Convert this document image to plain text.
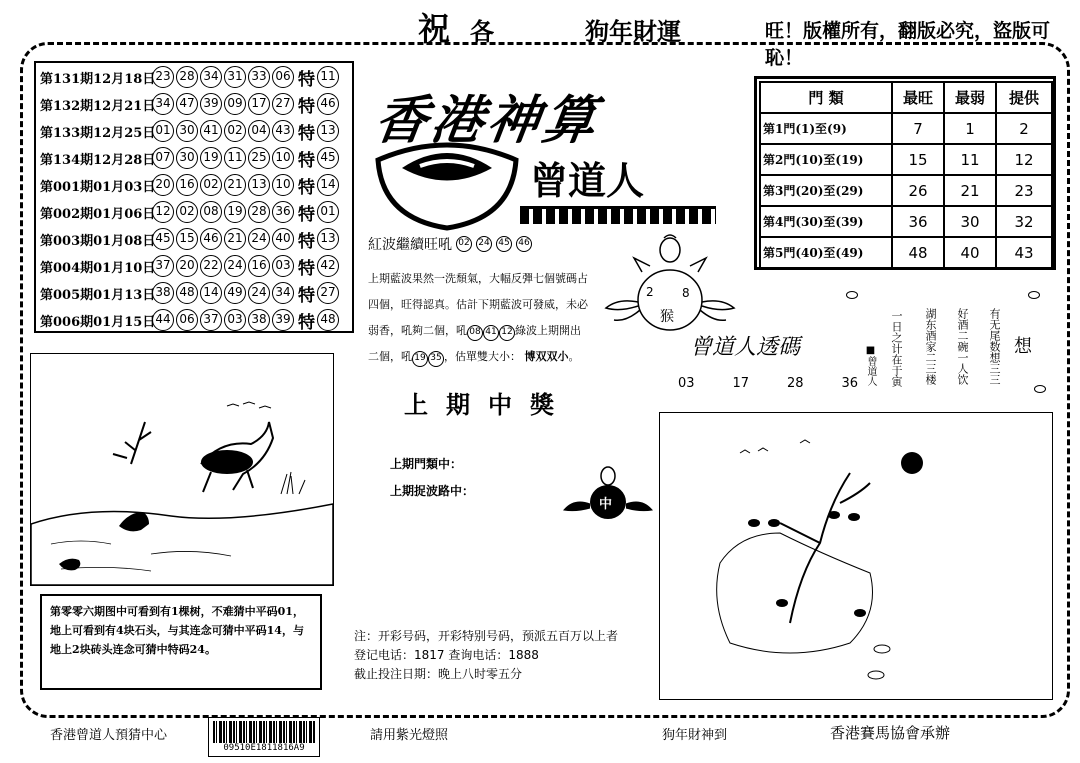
祝 各	狗年財運	旺！版權所有，翻版必究，盜版可恥！
第131期12月18日 23 28 34 31 33 06 特 11
第132期12月21日 34 47 39 09 17 27 特 46
第133期12月25日 01 30 41 02 04 43 特 13
第134期12月28日 07 30 19 11 25 10 特 45
第001期01月03日 20 16 02 21 13 10 特 14
第002期01月06日 12 02 08 19 28 36 特 01
第003期01月08日 45 15 46 21 24 40 特 13
第004期01月10日 37 20 22 24 16 03 特 42
第005期01月13日 38 48 14 49 24 34 特 27
第006期01月15日 44 06 37 03 38 39 特 48
香港神算
曾道人
紅波繼續旺吼 02 24 45 46
上期藍波果然一洗頹氣，大幅反彈七個號碼占
四個，旺得認真。估計下期藍波可發威，未必
弱香，吼夠二個，吼 08 41 12 綠波上期開出
二個，吼 19 35 ，估單雙大小： 博双双小。
門 類	最旺	最弱	提供
第1門(1)至(9)	7	1	2
第2門(10)至(19)	15	11	12
第3門(20)至(29)	26	21	23
第4門(30)至(39)	36	30	32
第5門(40)至(49)	48	40	43
2 8
猴
曾道人透碼
03	17	28	36	有无尾数想三三
好酒二碗一人饮
湖东酒家二三楼
一日之计在于寅
■曾道人	想
上期中獎
上期門類中：
上期捉波路中：
中
第零零六期图中可看到有1棵树，不难猜中平码01，地上可看到有4块石头，与其连念可猜中平码14，与地上2块砖头连念可猜中特码24。
注：开彩号码，开彩特别号码，预派五百万以上者
登记电话：1817 查询电话：1888
截止投注日期：晚上八时零五分
香港曾道人預猜中心
09510E1811816A9
請用紫光燈照	狗年財神到	香港賽馬協會承辦
